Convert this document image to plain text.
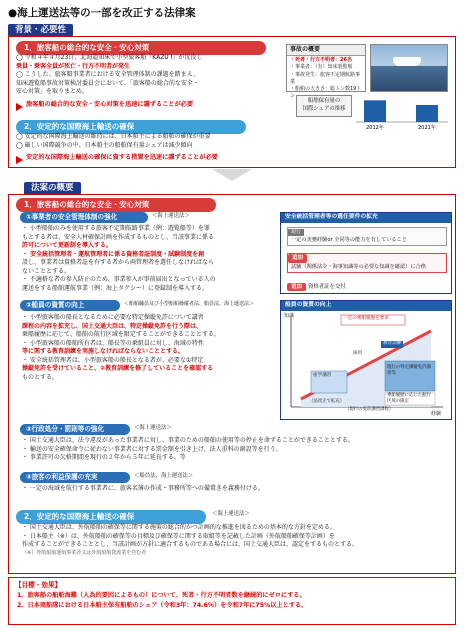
●海上運送法等の一部を改正する法律案
背景・必要性
1．旅客船の総合的な安全・安心対策
◯ 令和４年４月23日、北海道知床で小型旅客船「KAZU Ⅰ」が沈没し
乗員・乗客全員が死亡・行方不明者が発生
◯ こうした、旅客船事業者における安全管理体制の課題を踏まえ、
知床遊覧船事故対策検討委員会において、「旅客船の総合的な安全・
安心対策」を取りまとめ。
旅客船の総合的な安全・安心対策を迅速に講ずることが必要
事故の概要
・死者・行方不明者：26名
・事業者：（有）知床遊覧船
・事故発生：旅客不定期航路事業
・船舶の大きさ：総トン数19トン
船舶保有量の
国際シェアの推移
2012年	2021年
2．安定的な国際海上輸送の確保
◯ 安定的な国際海上輸送の維持には、日本船主による船舶の確保が重要
◯ 厳しい国際競争の中、日本船主の船舶保有量シェアは減少傾向
安定的な国際海上輸送の確保に資する措置を迅速に講ずることが必要
法案の概要
1．旅客船の総合的な安全・安心対策
①事業者の安全管理体制の強化	＜海上運送法＞
・ 小型船舶のみを使用する旅客不定期航路事業（例：遊覧船等）を罪
もとする者は、安全人材確保計画を作成するものとし、当該事業に係る
許可について更新制を導入する。
・ 安全統括管理者・運航管理者に係る資格者証制度・試験制度を創
設し、事業者は資格者証を有する者から両管理者を選任しなければなら
ないこととする。
・ 不適格な者の参入防止のため、事業参入が事前届出となっている人の
運送をする船舶運航事業（例：海上タクシー）に登録制を導入する。
②船員の資質の向上	＜船舶職員及び小型船舶操縦者法、船員法、海上運送法＞
・ 小型旅客船の船長となるために必要な特定操縦免許について講習
課程の内容を拡充し、国土交通大臣は、特定操縦免許を行う際は、
乗船履歴に応じて、船舶の航行区域を限定することができることとする。
・ 小型旅客船の船舶所有者は、船長等の乗組員に対し、海域の特性
等に関する教育訓練を実施しなければならないこととする。
・ 安全統括管理者は、小型旅客船の船長となる者が、必要な①特定
操縦免許を受けていること、②教育訓練を修了していることを確認する
ものとする。
③行政処分・罰則等の強化	＜海上運送法＞
・ 国土交通大臣は、法令違反があった事業者に対し、事業のための船舶の使用等の停止を命ずることができることとする。
・ 輸送の安全確保命令に従わない事業者に対する罰金額を引き上げ、法人重科の創設等を行う。
・ 事業許可の欠格期間を現行の２年から５年に延長する。等
④旅客の利益保護の充実	＜船員法、海上運送法＞
・ 一定の海域を航行する事業者に、旅客名簿の作成・事務所等への備置きを義務付ける。
安全統括管理者等の選任要件の拡充
現行
一定の実務経験or 全同等の能力を有していること
追加
試験（関係法令・海事知識等の必要な知識を確認）に合格
追加 資格者証を交付
船員の資質の向上
知識
経験
一定の乗船履歴を要求
採用
教育訓練
座学講習
現行の特定操縦免許講習等
乗船履歴に応じた航行区域の限定
（法改正で拡充）
（現行の免許講習課程）
2．安定的な国際海上輸送の確保	＜海上運送法＞
・ 国土交通大臣は、外航船舶の確保等に関する施策の総合的かつ計画的な推進を図るための基本的な方針を定める。
・ 日本船主（※）は、外航船舶の確保等の目標及び確保等に関する取組等を記載した計画（外航船舶確保等計画）を
作成することができることとし、当該計画が方針に適合するものである場合には、国土交通大臣は、認定をするものとする。
（※）外航船舶運航事業者又は外航船舶貸渡業を営む者
【目標・効果】
1．旅客船の船舶海難（人為的要因によるもの）について、死者・行方不明者数を継続的にゼロにする。
2．日本商船隊における日本船主保有船舶のシェア（令和3年：74.6％）を令和7年に75%以上とする。
